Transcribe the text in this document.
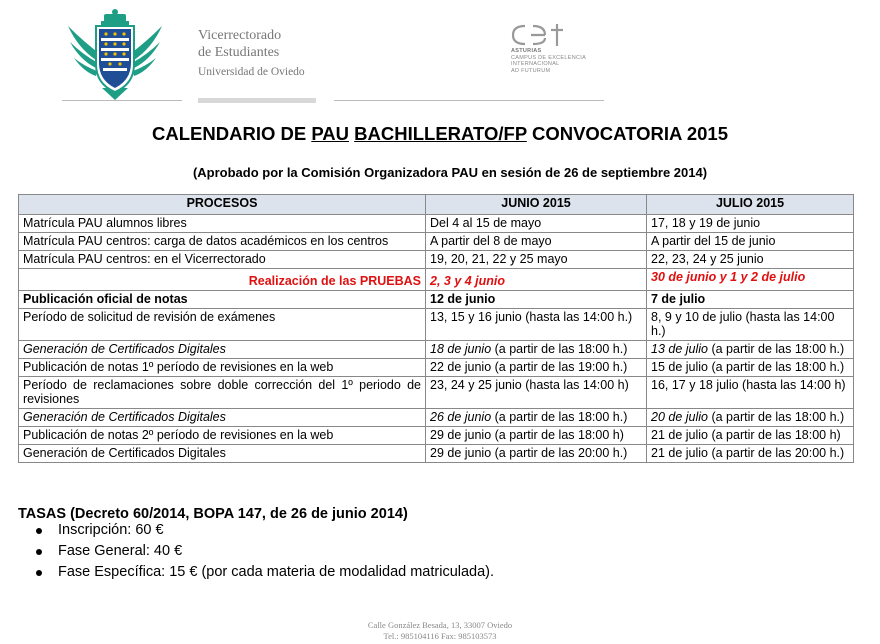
Vicerrectorado
de Estudiantes
Universidad de Oviedo
ASTURIAS
CAMPUS DE EXCELENCIA
INTERNACIONAL
AD FUTURUM
CALENDARIO DE PAU BACHILLERATO/FP CONVOCATORIA 2015
(Aprobado por la Comisión Organizadora PAU en sesión de 26 de septiembre 2014)
PROCESOS	JUNIO 2015	JULIO 2015
Matrícula PAU alumnos libres	Del 4 al 15 de mayo	17, 18 y 19 de junio
Matrícula PAU centros: carga de datos académicos en los centros	A partir del 8 de mayo	A partir del 15 de junio
Matrícula PAU centros: en el Vicerrectorado	19, 20, 21, 22 y 25 mayo	22, 23, 24 y 25 junio
Realización de las PRUEBAS	2, 3 y 4 junio	30 de junio y 1 y 2 de julio
Publicación oficial de notas	12 de junio	7 de julio
Período de solicitud de revisión de exámenes	13, 15 y 16 junio (hasta las 14:00 h.)	8, 9 y 10 de julio (hasta las 14:00 h.)
Generación de Certificados Digitales	18 de junio (a partir de las 18:00 h.)	13 de julio (a partir de las 18:00 h.)
Publicación de notas 1º período de revisiones en la web	22 de junio (a partir de las 19:00 h.)	15 de julio (a partir de las 18:00 h.)
Período de reclamaciones sobre doble corrección del 1º periodo de revisiones	23, 24 y 25 junio (hasta las 14:00 h)	16, 17 y 18 julio (hasta las 14:00 h)
Generación de Certificados Digitales	26 de junio (a partir de las 18:00 h.)	20 de julio (a partir de las 18:00 h.)
Publicación de notas 2º período de revisiones en la web	29 de junio (a partir de las 18:00 h)	21 de julio (a partir de las 18:00 h)
Generación de Certificados Digitales	29 de junio (a partir de las 20:00 h.)	21 de julio (a partir de las 20:00 h.)
TASAS (Decreto 60/2014, BOPA 147, de 26 de junio 2014)
Inscripción: 60 €
Fase General: 40 €
Fase Específica: 15 € (por cada materia de modalidad matriculada).
Calle González Besada, 13, 33007 Oviedo
Tel.: 985104116 Fax: 985103573
